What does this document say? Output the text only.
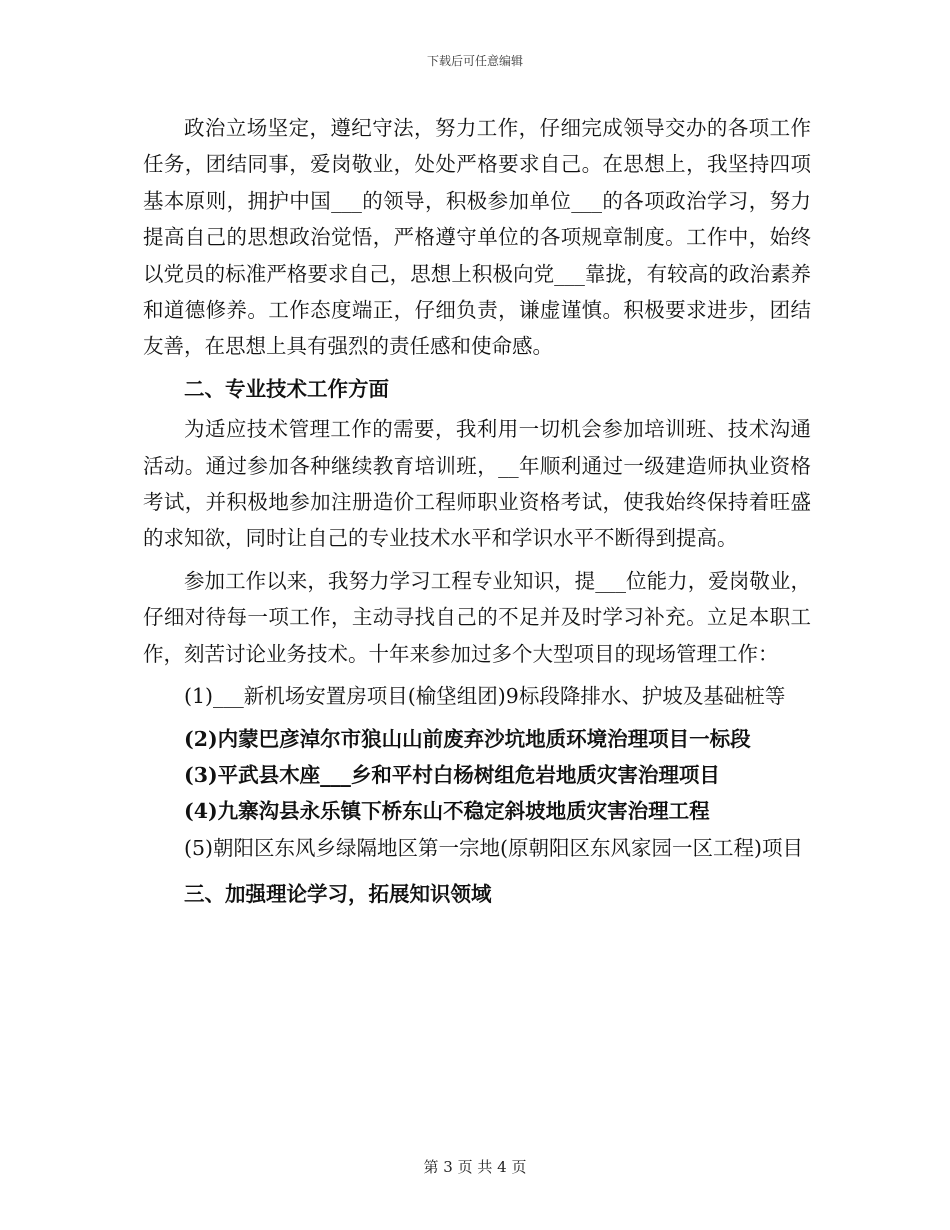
下载后可任意编辑

政治立场坚定，遵纪守法，努力工作，仔细完成领导交办的各项工作任务，团结同事，爱岗敬业，处处严格要求自己。在思想上，我坚持四项基本原则，拥护中国___的领导，积极参加单位___的各项政治学习，努力提高自己的思想政治觉悟，严格遵守单位的各项规章制度。工作中，始终以党员的标准严格要求自己，思想上积极向党___靠拢，有较高的政治素养和道德修养。工作态度端正，仔细负责，谦虚谨慎。积极要求进步，团结友善，在思想上具有强烈的责任感和使命感。

二、专业技术工作方面

为适应技术管理工作的需要，我利用一切机会参加培训班、技术沟通活动。通过参加各种继续教育培训班，__年顺利通过一级建造师执业资格考试，并积极地参加注册造价工程师职业资格考试，使我始终保持着旺盛的求知欲，同时让自己的专业技术水平和学识水平不断得到提高。

参加工作以来，我努力学习工程专业知识，提___位能力，爱岗敬业，仔细对待每一项工作，主动寻找自己的不足并及时学习补充。立足本职工作，刻苦讨论业务技术。十年来参加过多个大型项目的现场管理工作：

(1)___新机场安置房项目(榆垡组团)9标段降排水、护坡及基础桩等

(2)内蒙巴彦淖尔市狼山山前废弃沙坑地质环境治理项目一标段

(3)平武县木座___乡和平村白杨树组危岩地质灾害治理项目

(4)九寨沟县永乐镇下桥东山不稳定斜坡地质灾害治理工程

(5)朝阳区东风乡绿隔地区第一宗地(原朝阳区东风家园一区工程)项目

三、加强理论学习，拓展知识领域

第 3 页 共 4 页
